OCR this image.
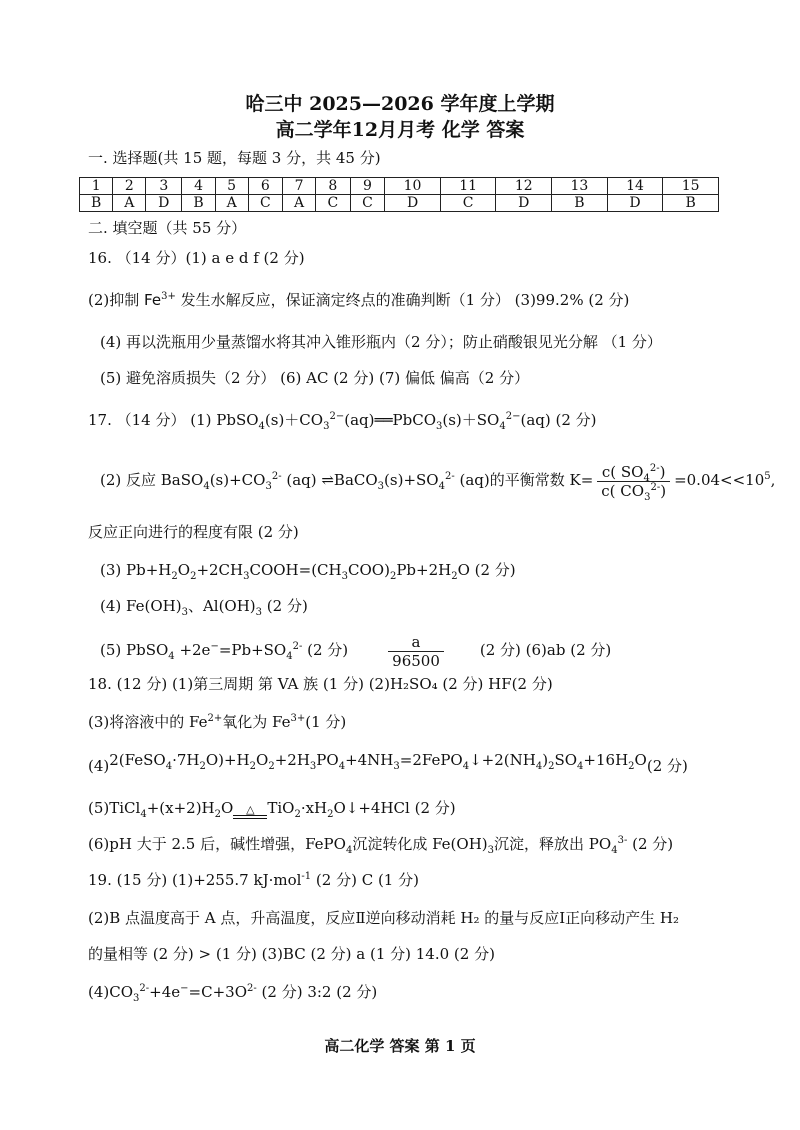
哈三中 2025—2026 学年度上学期
高二学年12月月考 化学 答案
一. 选择题(共 15 题，每题 3 分，共 45 分)
1	2	3	4	5	6	7	8	9	10	11	12	13	14	15
B	A	D	B	A	C	A	C	C	D	C	D	B	D	B
二. 填空题（共 55 分）
16. （14 分）(1) a e d f (2 分)
(2)抑制 $Fe^{3+}$ 发生水解反应，保证滴定终点的准确判断（1 分） (3)99.2% (2 分)
(4) 再以洗瓶用少量蒸馏水将其冲入锥形瓶内（2 分）；防止硝酸银见光分解 （1 分）
(5) 避免溶质损失（2 分） (6) AC (2 分) (7) 偏低 偏高（2 分）
17. （14 分） (1) $PbSO_4(s)+CO_3^{2-}(aq)══PbCO_3(s)+SO_4^{2-}(aq)$ (2 分)
(2) 反应 $BaSO_4(s)+CO_3^{2-}$ (aq) $\rightleftharpoons BaCO_3(s)+SO_4^{2-}$ (aq)的平衡常数 $K= \frac{c( SO_4^{2-})}{c( CO_3^{2-})} =0.04<<10^5$,
反应正向进行的程度有限 (2 分)
(3) $Pb+H_2O_2+2CH_3COOH=(CH_3COO)_2Pb+2H_2O$ (2 分)
(4) $Fe(OH)_3$、$Al(OH)_3$ (2 分)
(5) PbSO$_4$ $+2e^-=Pb+SO_4^{2-}$ (2 分)	$\frac{a}{96500} (2$ 分) (6)ab (2 分)
18. (12 分) (1)第三周期 第 VA 族 (1 分) (2)H₂SO₄ (2 分) HF(2 分)
(3)将溶液中的 $Fe^{2+}$氧化为 $Fe^{3+}(1$ 分)
$(4)2(FeSO_4\cdot 7H_2O)+H_2O_2+2H_3PO_4+4NH_3=2FePO_4↓+2(NH_4)_2SO_4+16H_2O(2$ 分)
$(5)TiCl_4+(x+2)H_2O$	△ $TiO_2\cdot xH_2O↓+4HCl$ (2 分)
(6)pH 大于 2.5 后，碱性增强，FePO$_4$沉淀转化成 $Fe(OH)_3$沉淀，释放出 $PO_4^{3-}$ (2 分)
19. (15 分) (1)+255.7 kJ·mol$^{-1}$ (2 分) C (1 分)
(2)B 点温度高于 A 点，升高温度，反应Ⅱ逆向移动消耗 H₂ 的量与反应Ⅰ正向移动产生 H₂
的量相等 (2 分) > (1 分) (3)BC (2 分) a (1 分) 14.0 (2 分)
$(4)CO_3^{2-}+4e^-=C+3O^{2-}$ (2 分) 3:2 (2 分)
高二化学 答案 第 1 页
